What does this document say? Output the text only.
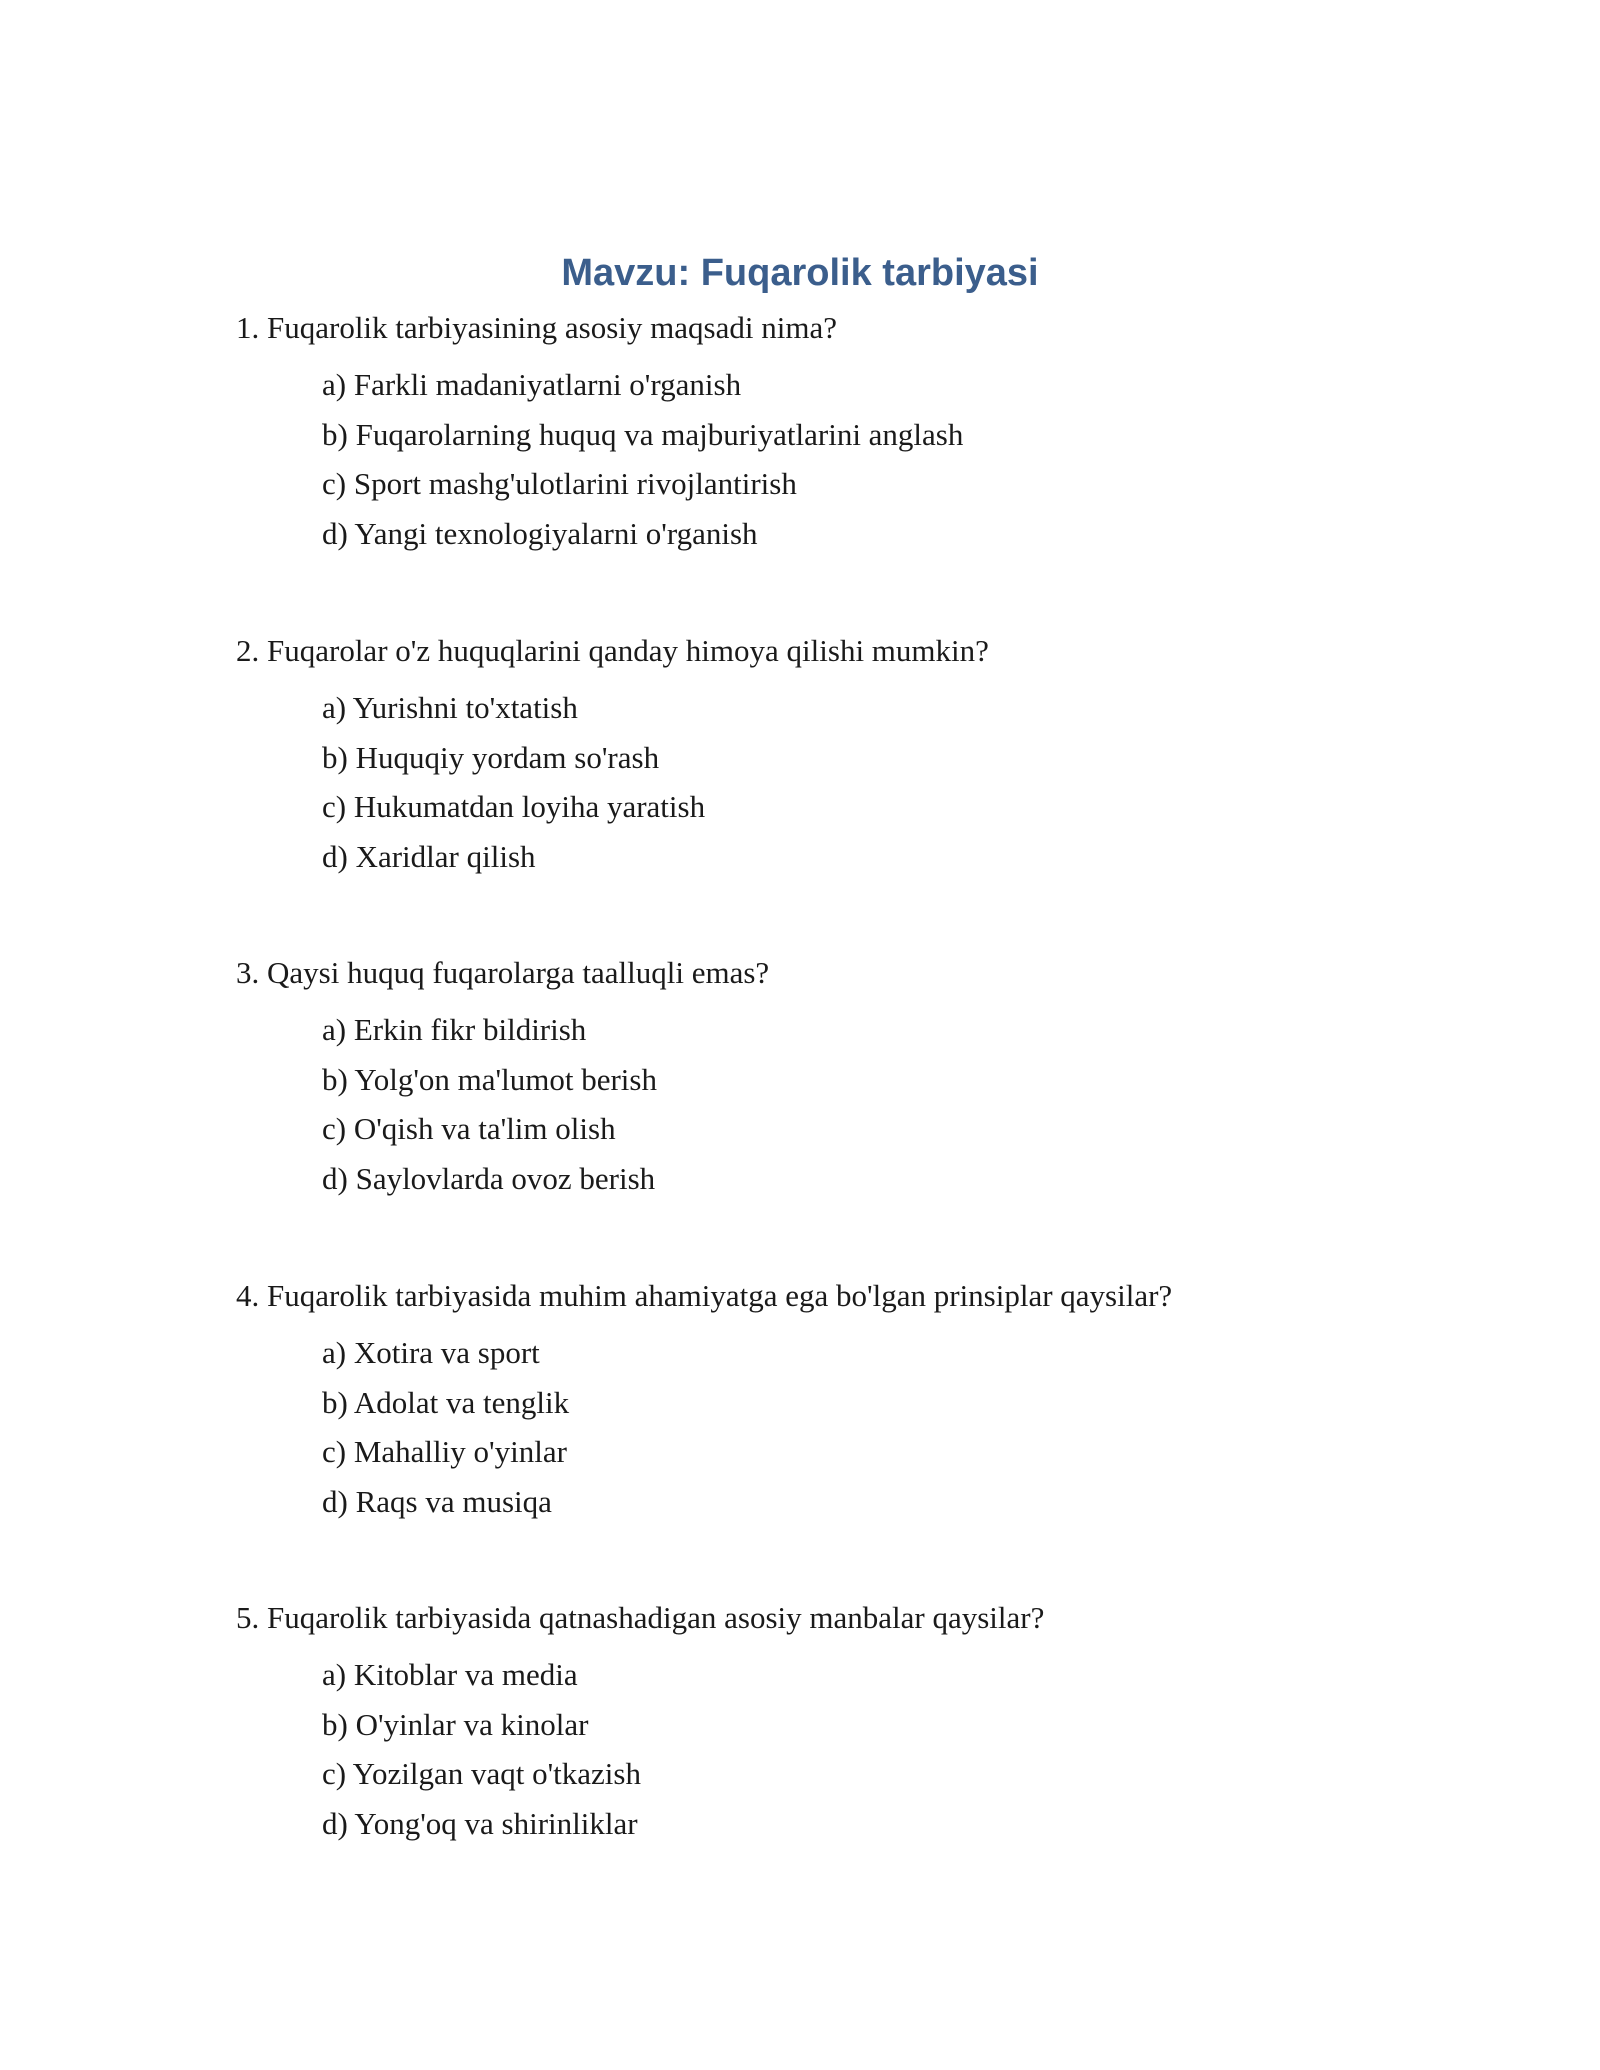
Mavzu: Fuqarolik tarbiyasi

1. Fuqarolik tarbiyasining asosiy maqsadi nima?

a) Farkli madaniyatlarni o'rganish
b) Fuqarolarning huquq va majburiyatlarini anglash
c) Sport mashg'ulotlarini rivojlantirish
d) Yangi texnologiyalarni o'rganish

2. Fuqarolar o'z huquqlarini qanday himoya qilishi mumkin?

a) Yurishni to'xtatish
b) Huquqiy yordam so'rash
c) Hukumatdan loyiha yaratish
d) Xaridlar qilish

3. Qaysi huquq fuqarolarga taalluqli emas?

a) Erkin fikr bildirish
b) Yolg'on ma'lumot berish
c) O'qish va ta'lim olish
d) Saylovlarda ovoz berish

4. Fuqarolik tarbiyasida muhim ahamiyatga ega bo'lgan prinsiplar qaysilar?

a) Xotira va sport
b) Adolat va tenglik
c) Mahalliy o'yinlar
d) Raqs va musiqa

5. Fuqarolik tarbiyasida qatnashadigan asosiy manbalar qaysilar?

a) Kitoblar va media
b) O'yinlar va kinolar
c) Yozilgan vaqt o'tkazish
d) Yong'oq va shirinliklar
